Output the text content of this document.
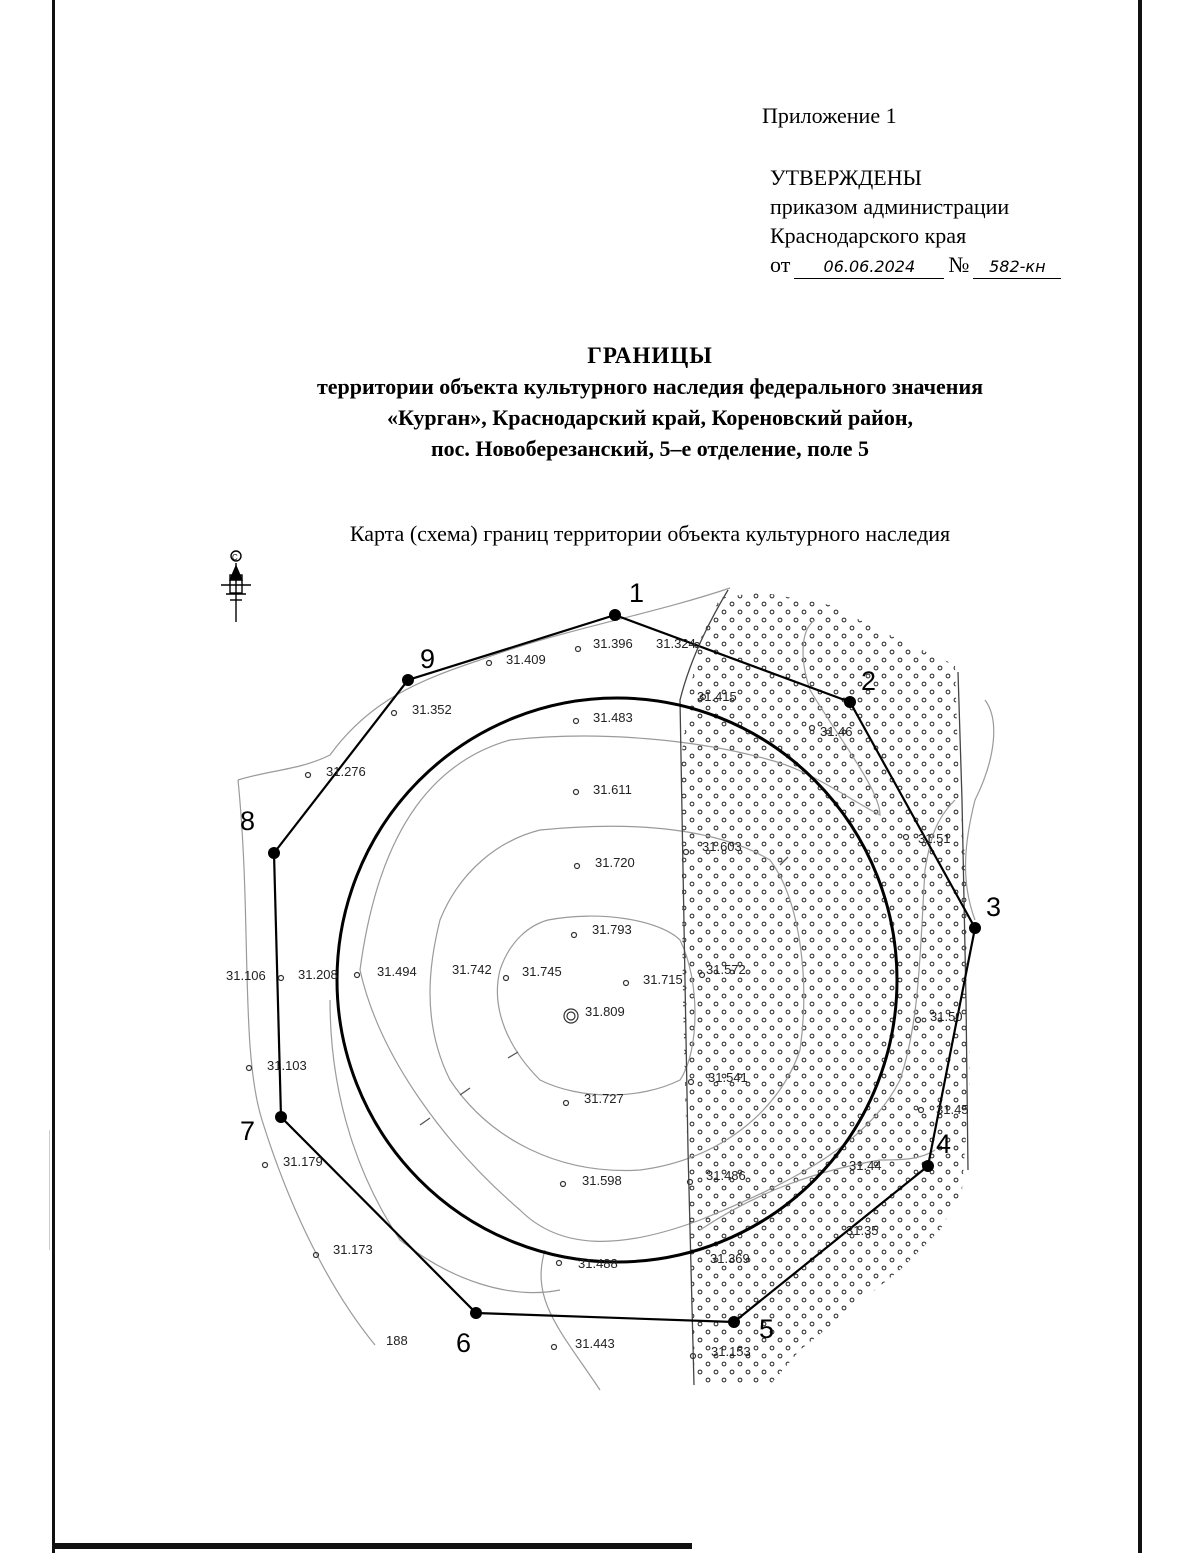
Приложение 1
УТВЕРЖДЕНЫ
приказом администрации
Краснодарского края
от 06.06.2024 № 582-кн
ГРАНИЦЫ
территории объекта культурного наследия федерального значения
«Курган», Краснодарский край, Кореновский район,
пос. Новоберезанский, 5–е отделение, поле 5
Карта (схема) границ территории объекта культурного наследия
1
2
3
4
5
6
7
8
9
31.396 31.324
31.409
31.415
31.352
31.483
31.46
31.276
31.611
31.51
31.603
31.720
31.793
31.106 31.208	31.494	31.742 31.745
31.715
31.572
31.809	31.50
31.103
31.541
31.727
31.45
31.179	31.44
31.486
31.598
31.35
31.173
31.369
31.488
188	31.443
31.153
С
